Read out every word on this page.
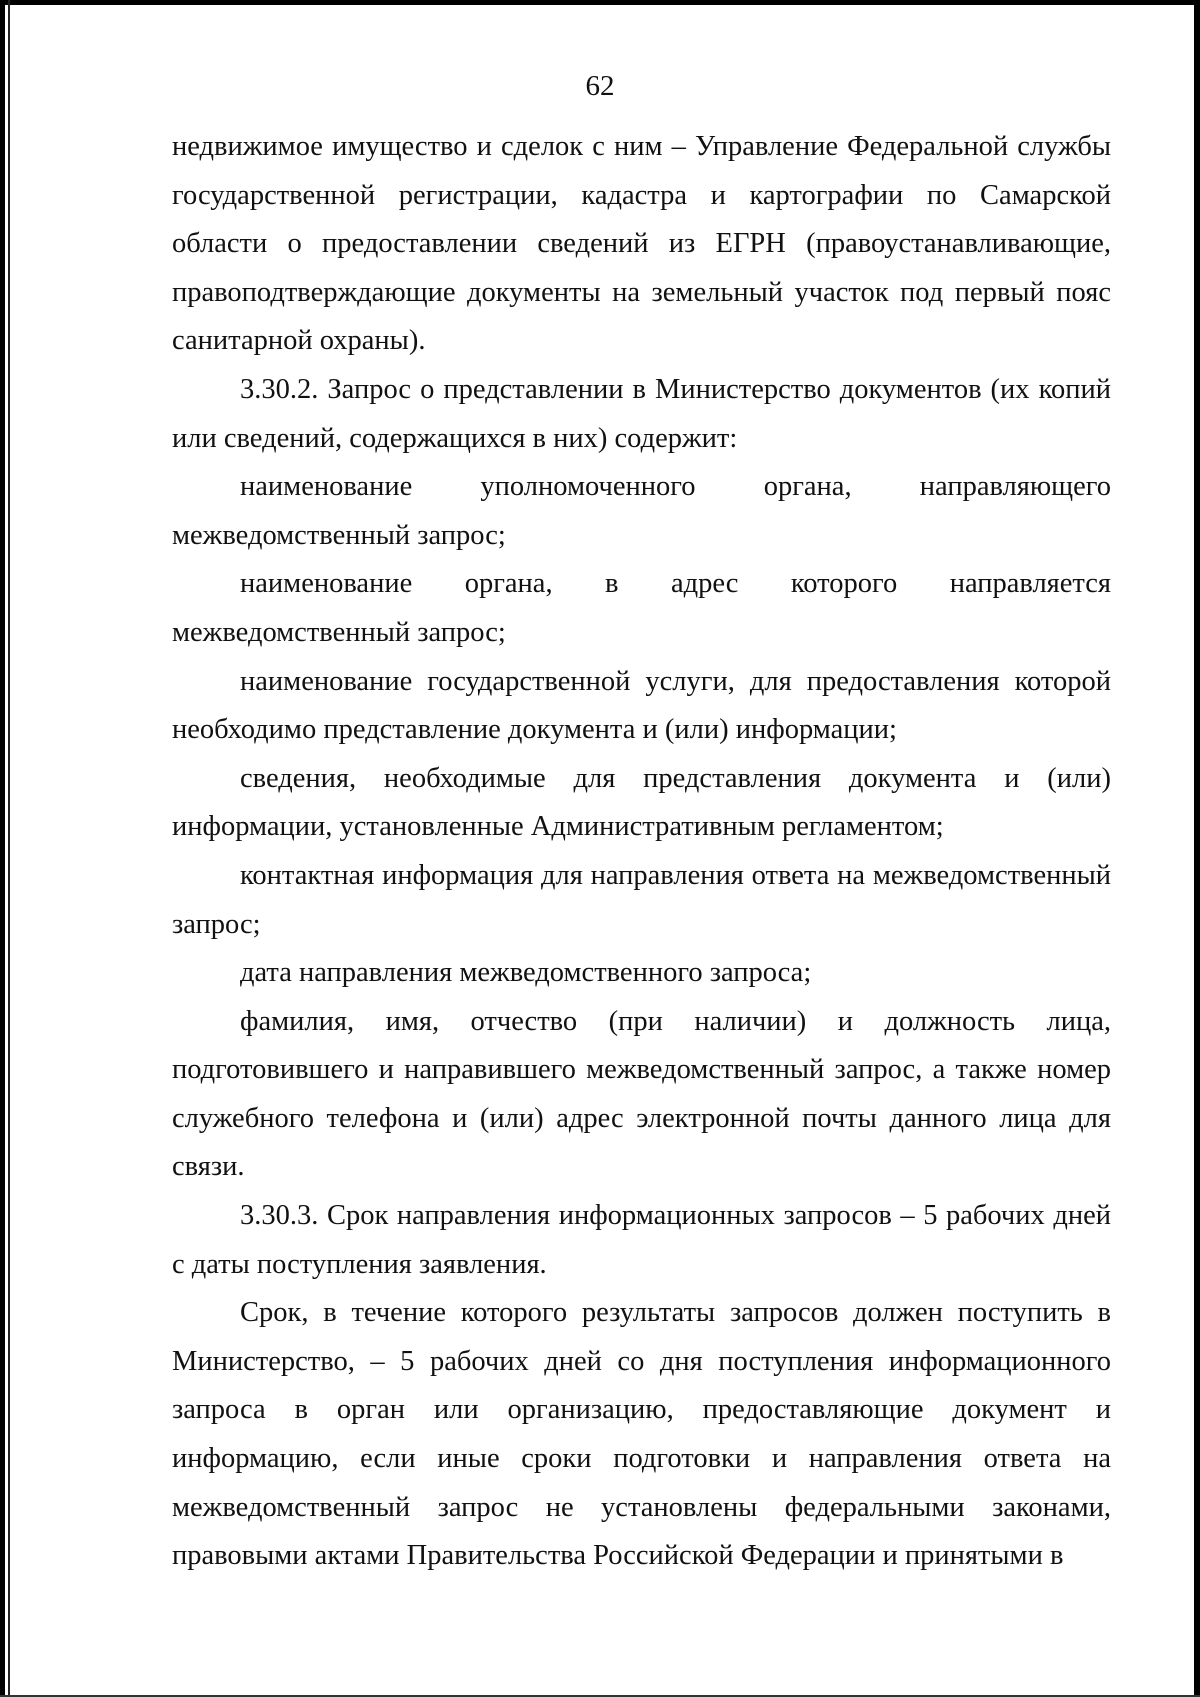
62

недвижимое имущество и сделок с ним – Управление Федеральной службы государственной регистрации, кадастра и картографии по Самарской области о предоставлении сведений из ЕГРН (правоустанавливающие, правоподтверждающие документы на земельный участок под первый пояс санитарной охраны).

3.30.2. Запрос о представлении в Министерство документов (их копий или сведений, содержащихся в них) содержит:

наименование уполномоченного органа, направляющего межведомственный запрос;

наименование органа, в адрес которого направляется межведомственный запрос;

наименование государственной услуги, для предоставления которой необходимо представление документа и (или) информации;

сведения, необходимые для представления документа и (или) информации, установленные Административным регламентом;

контактная информация для направления ответа на межведомственный запрос;

дата направления межведомственного запроса;

фамилия, имя, отчество (при наличии) и должность лица, подготовившего и направившего межведомственный запрос, а также номер служебного телефона и (или) адрес электронной почты данного лица для связи.

3.30.3. Срок направления информационных запросов – 5 рабочих дней с даты поступления заявления.

Срок, в течение которого результаты запросов должен поступить в Министерство, – 5 рабочих дней со дня поступления информационного запроса в орган или организацию, предоставляющие документ и информацию, если иные сроки подготовки и направления ответа на межведомственный запрос не установлены федеральными законами, правовыми актами Правительства Российской Федерации и принятыми в
